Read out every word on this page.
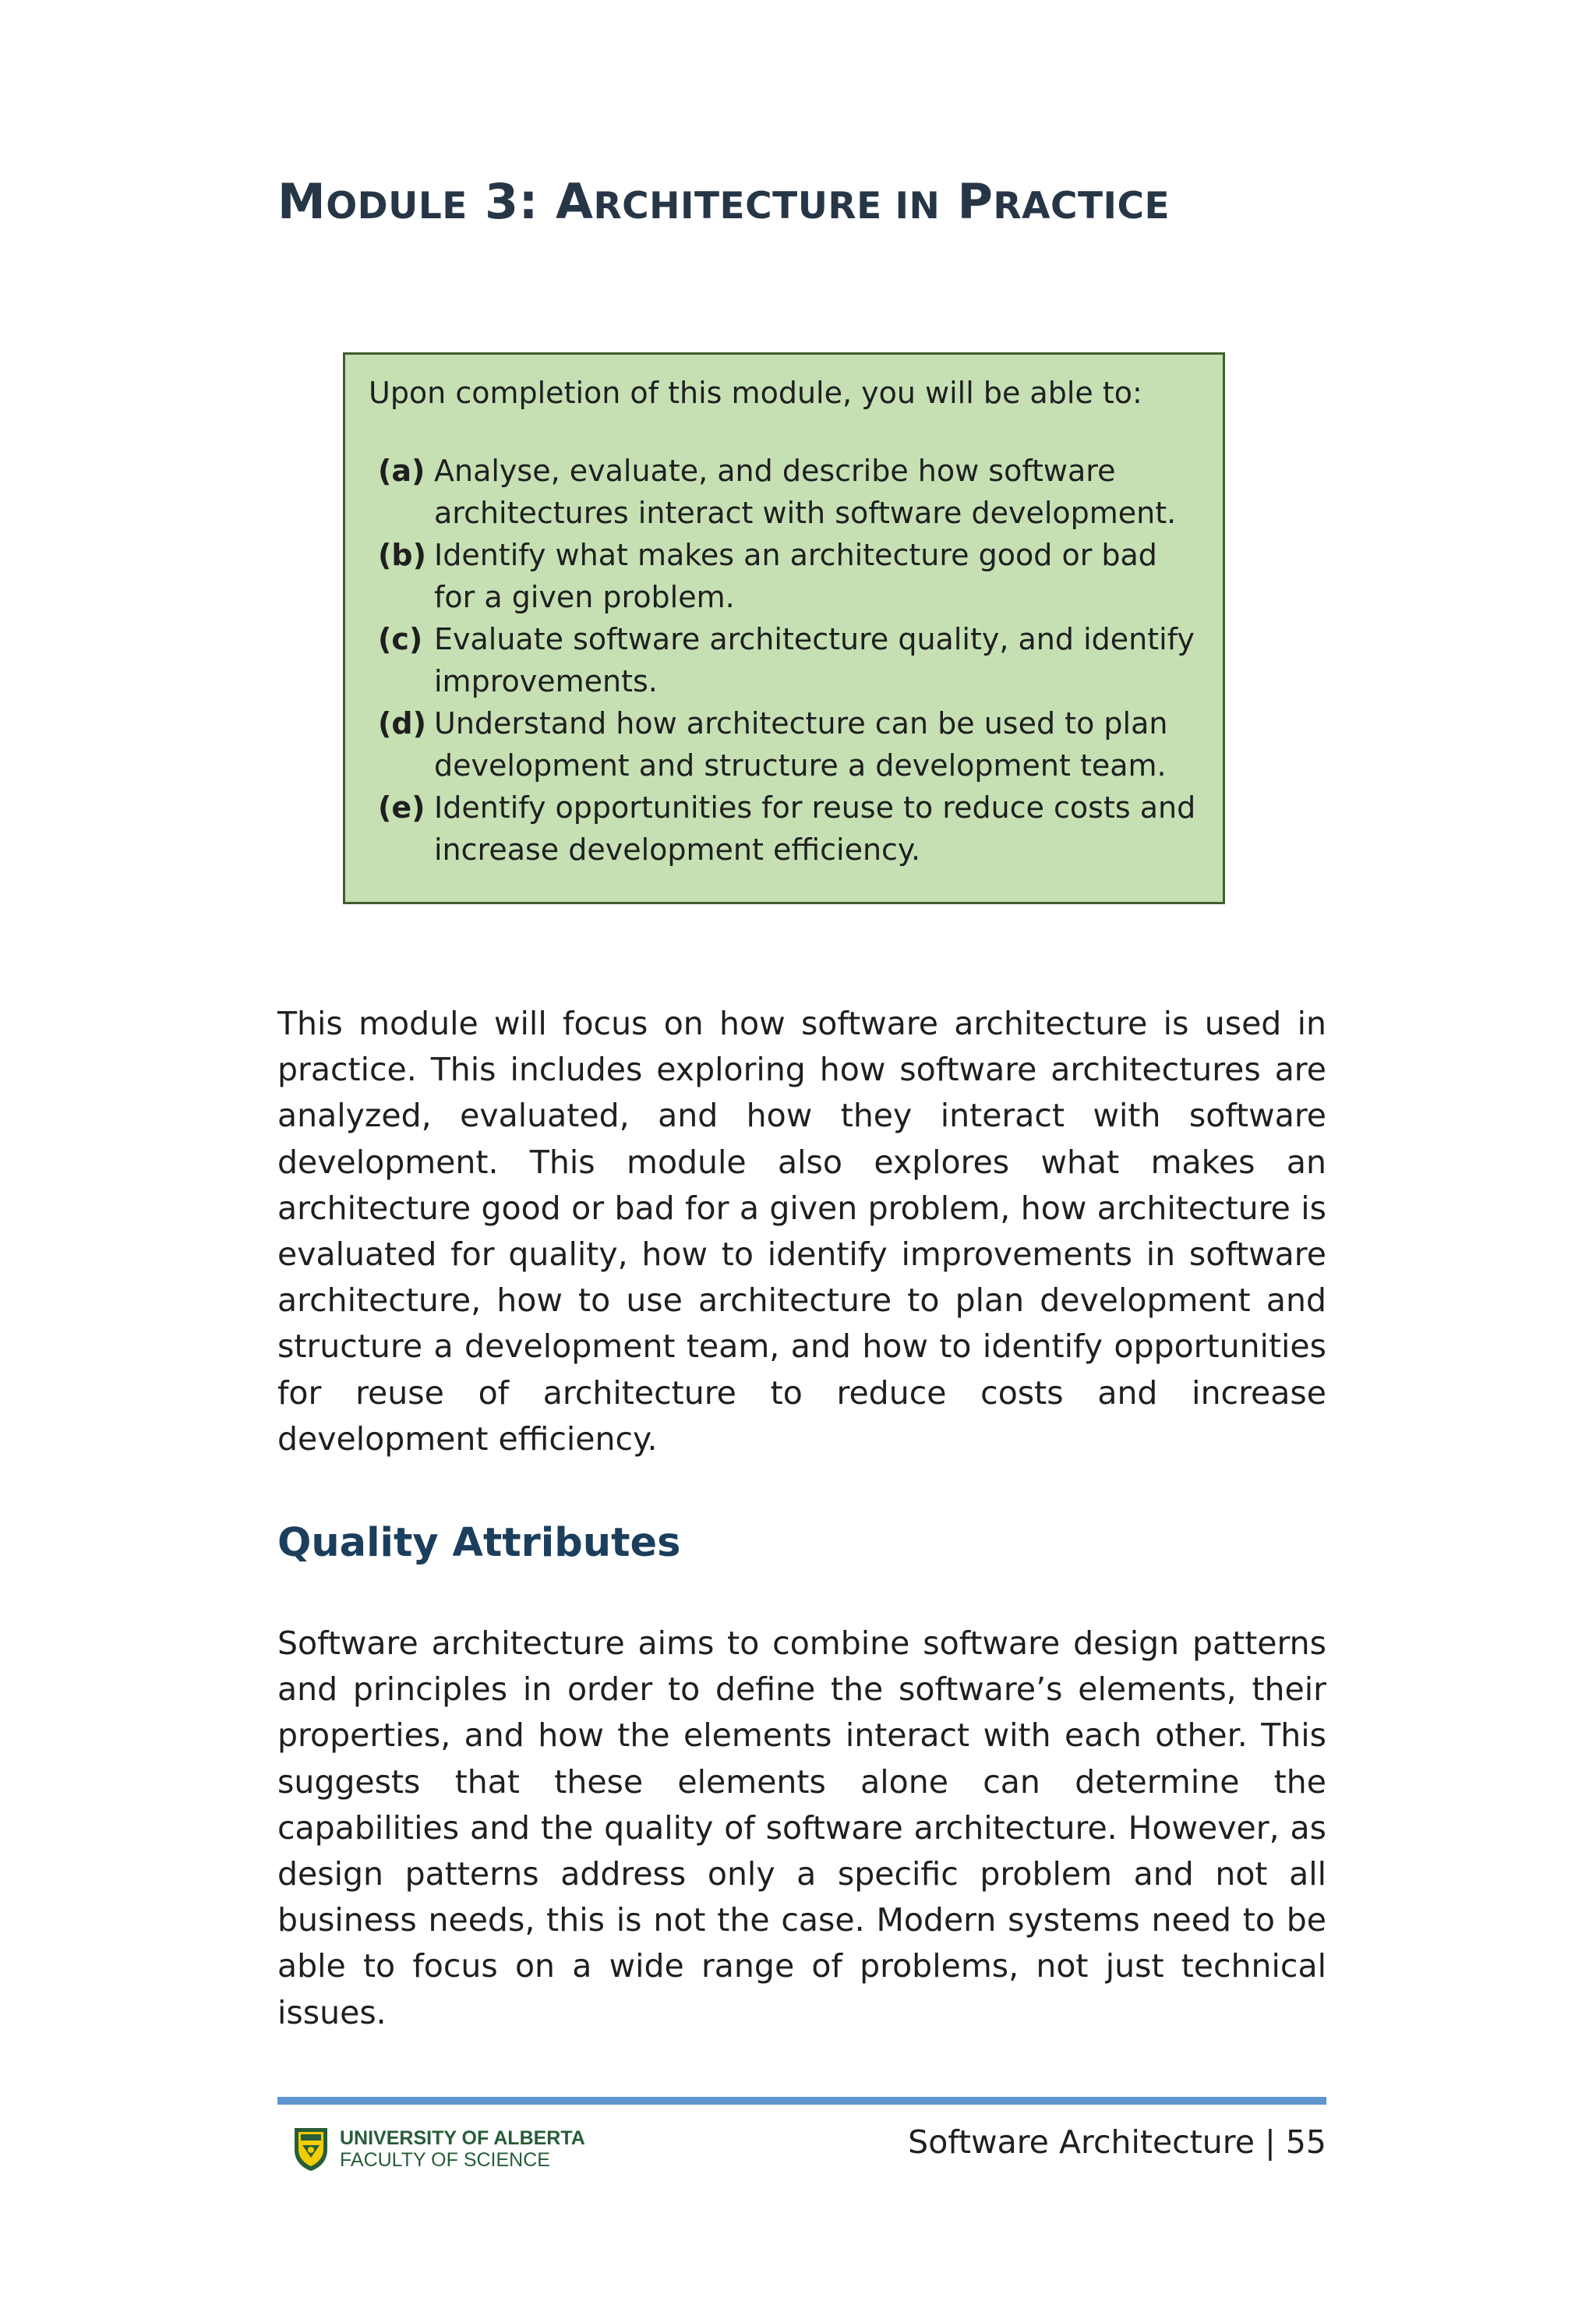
MODULE 3: ARCHITECTURE IN PRACTICE

Upon completion of this module, you will be able to:

(a) Analyse, evaluate, and describe how software architectures interact with software development.
(b) Identify what makes an architecture good or bad for a given problem.
(c) Evaluate software architecture quality, and identify improvements.
(d) Understand how architecture can be used to plan development and structure a development team.
(e) Identify opportunities for reuse to reduce costs and increase development efficiency.

This module will focus on how software architecture is used in practice. This includes exploring how software architectures are analyzed, evaluated, and how they interact with software development. This module also explores what makes an architecture good or bad for a given problem, how architecture is evaluated for quality, how to identify improvements in software architecture, how to use architecture to plan development and structure a development team, and how to identify opportunities for reuse of architecture to reduce costs and increase development efficiency.

Quality Attributes

Software architecture aims to combine software design patterns and principles in order to define the software’s elements, their properties, and how the elements interact with each other. This suggests that these elements alone can determine the capabilities and the quality of software architecture. However, as design patterns address only a specific problem and not all business needs, this is not the case. Modern systems need to be able to focus on a wide range of problems, not just technical issues.

UNIVERSITY OF ALBERTA
FACULTY OF SCIENCE	Software Architecture | 55
